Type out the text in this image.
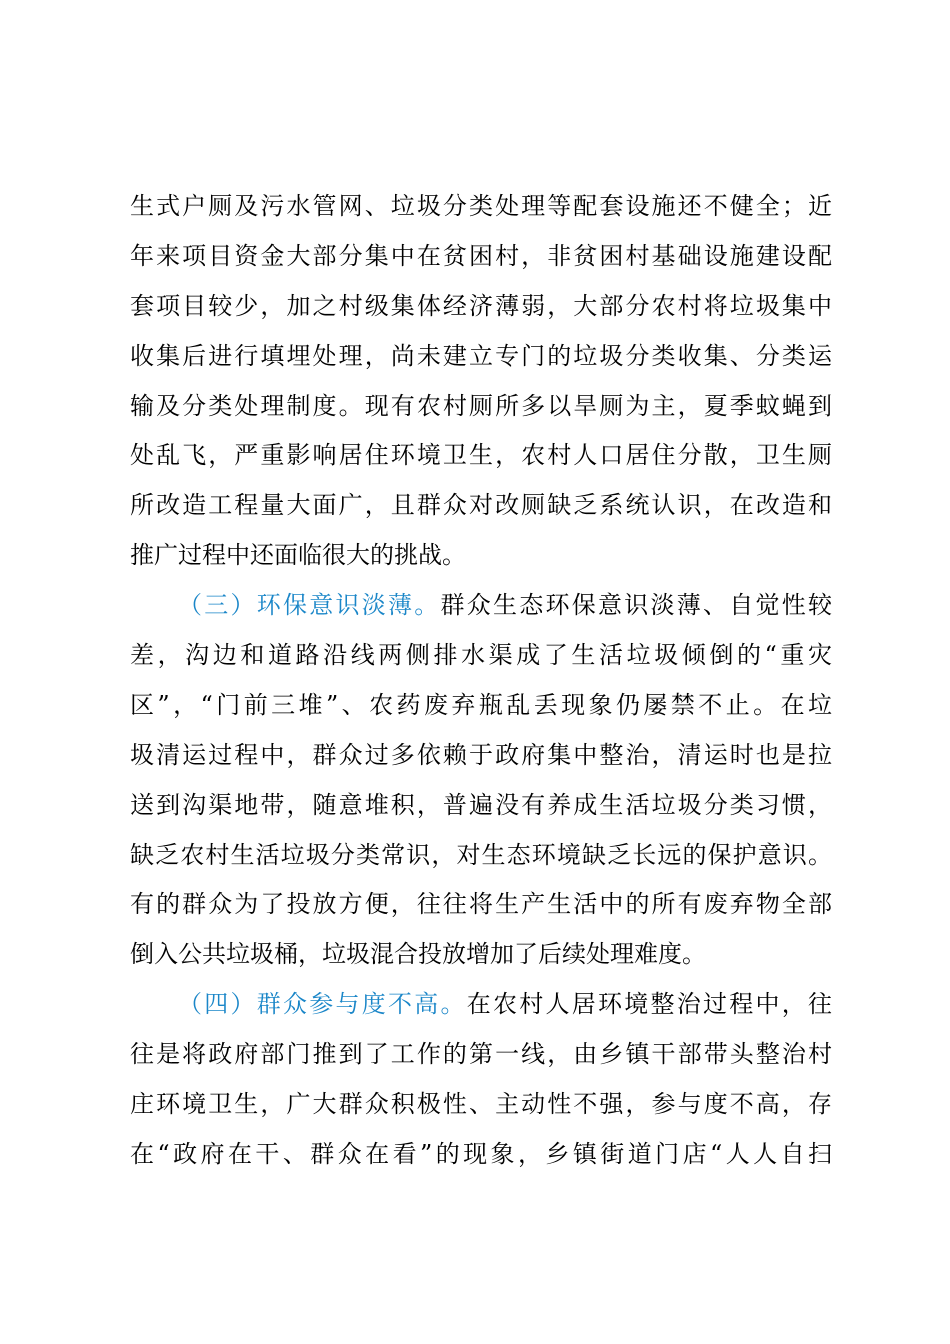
生式户厕及污水管网、垃圾分类处理等配套设施还不健全；近
年来项目资金大部分集中在贫困村，非贫困村基础设施建设配
套项目较少，加之村级集体经济薄弱，大部分农村将垃圾集中
收集后进行填埋处理，尚未建立专门的垃圾分类收集、分类运
输及分类处理制度。现有农村厕所多以旱厕为主，夏季蚊蝇到
处乱飞，严重影响居住环境卫生，农村人口居住分散，卫生厕
所改造工程量大面广，且群众对改厕缺乏系统认识，在改造和
推广过程中还面临很大的挑战。
（三）环保意识淡薄。群众生态环保意识淡薄、自觉性较
差，沟边和道路沿线两侧排水渠成了生活垃圾倾倒的“重灾
区”，“门前三堆”、农药废弃瓶乱丢现象仍屡禁不止。在垃
圾清运过程中，群众过多依赖于政府集中整治，清运时也是拉
送到沟渠地带，随意堆积，普遍没有养成生活垃圾分类习惯，
缺乏农村生活垃圾分类常识，对生态环境缺乏长远的保护意识。
有的群众为了投放方便，往往将生产生活中的所有废弃物全部
倒入公共垃圾桶，垃圾混合投放增加了后续处理难度。
（四）群众参与度不高。在农村人居环境整治过程中，往
往是将政府部门推到了工作的第一线，由乡镇干部带头整治村
庄环境卫生，广大群众积极性、主动性不强，参与度不高，存
在“政府在干、群众在看”的现象，乡镇街道门店“人人自扫
